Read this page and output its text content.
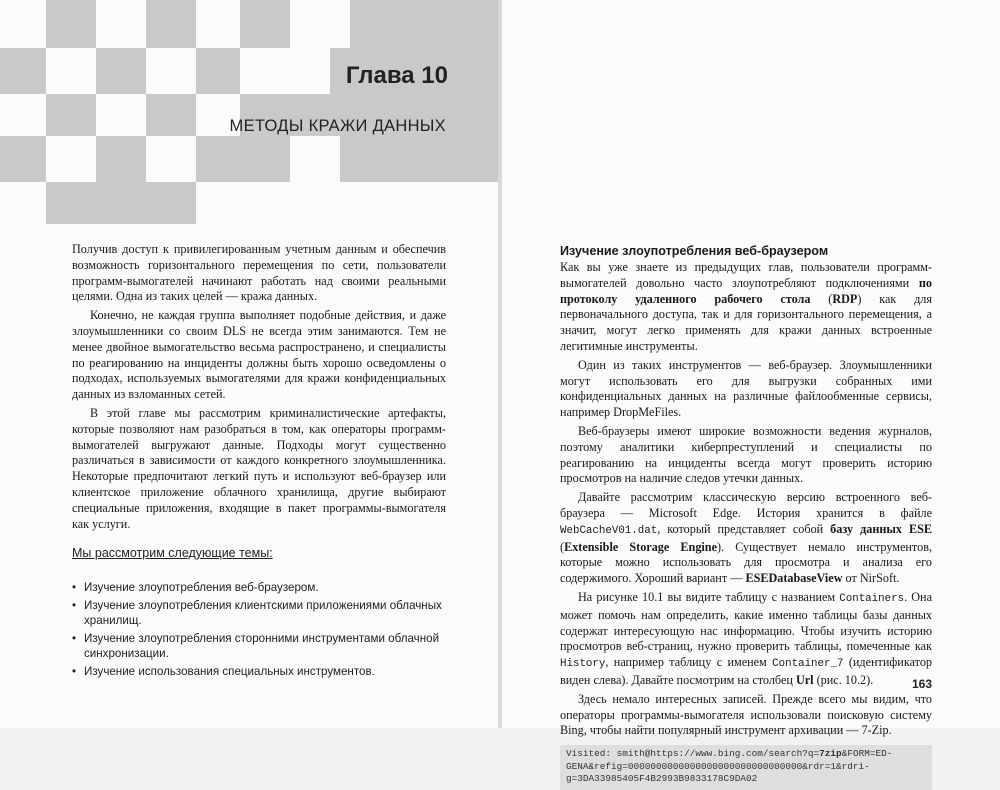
Глава 10
МЕТОДЫ КРАЖИ ДАННЫХ

Получив доступ к привилегированным учетным данным и обеспечив возможность горизонтального перемещения по сети, пользователи программ-вымогателей начинают работать над своими реальными целями. Одна из таких целей — кража данных.

Конечно, не каждая группа выполняет подобные действия, и даже злоумышленники со своим DLS не всегда этим занимаются. Тем не менее двойное вымогательство весьма распространено, и специалисты по реагированию на инциденты должны быть хорошо осведомлены о подходах, используемых вымогателями для кражи конфиденциальных данных из взломанных сетей.

В этой главе мы рассмотрим криминалистические артефакты, которые позволяют нам разобраться в том, как операторы программ-вымогателей выгружают данные. Подходы могут существенно различаться в зависимости от каждого конкретного злоумышленника. Некоторые предпочитают легкий путь и используют веб-браузер или клиентское приложение облачного хранилища, другие выбирают специальные приложения, входящие в пакет программы-вымогателя как услуги.

Мы рассмотрим следующие темы:
• Изучение злоупотребления веб-браузером.
• Изучение злоупотребления клиентскими приложениями облачных хранилищ.
• Изучение злоупотребления сторонними инструментами облачной синхронизации.
• Изучение использования специальных инструментов.
Изучение злоупотребления веб-браузером

Как вы уже знаете из предыдущих глав, пользователи программ-вымогателей довольно часто злоупотребляют подключениями по протоколу удаленного рабочего стола (RDP) как для первоначального доступа, так и для горизонтального перемещения, а значит, могут легко применять для кражи данных встроенные легитимные инструменты.

Один из таких инструментов — веб-браузер. Злоумышленники могут использовать его для выгрузки собранных ими конфиденциальных данных на различные файлообменные сервисы, например DropMeFiles.

Веб-браузеры имеют широкие возможности ведения журналов, поэтому аналитики киберпреступлений и специалисты по реагированию на инциденты всегда могут проверить историю просмотров на наличие следов утечки данных.

Давайте рассмотрим классическую версию встроенного веб-браузера — Microsoft Edge. История хранится в файле WebCacheV01.dat, который представляет собой базу данных ESE (Extensible Storage Engine). Существует немало инструментов, которые можно использовать для просмотра и анализа его содержимого. Хороший вариант — ESEDatabaseView от NirSoft.

На рисунке 10.1 вы видите таблицу с названием Containers. Она может помочь нам определить, какие именно таблицы базы данных содержат интересующую нас информацию. Чтобы изучить историю просмотров веб-страниц, нужно проверить таблицы, помеченные как History, например таблицу с именем Container_7 (идентификатор виден слева). Давайте посмотрим на столбец Url (рис. 10.2).

Здесь немало интересных записей. Прежде всего мы видим, что операторы программы-вымогателя использовали поисковую систему Bing, чтобы найти популярный инструмент архивации — 7-Zip.

Visited: smith@https://www.bing.com/search?q=7zip&FORM=ED-
GENA&refig=0000000000000000000000000000000&rdr=1&rdri-
g=3DA33985405F4B2993B9833178C9DA02
163
